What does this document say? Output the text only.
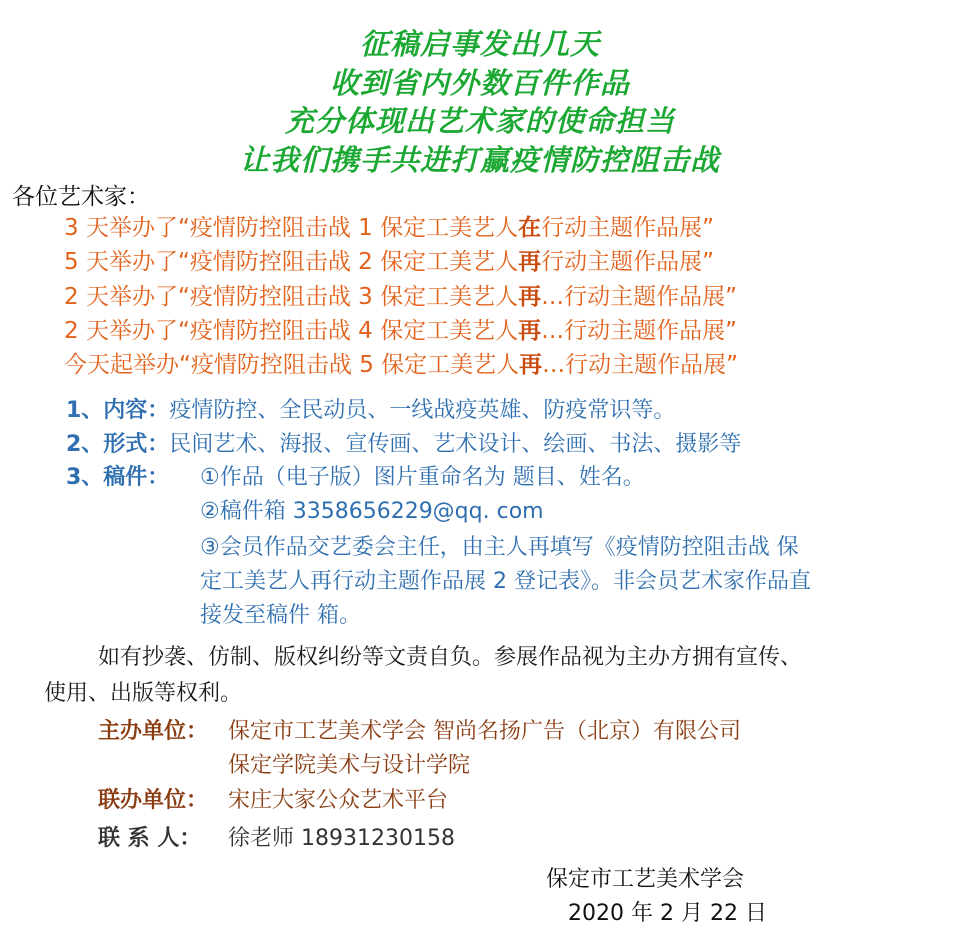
征稿启事发出几天
收到省内外数百件作品
充分体现出艺术家的使命担当
让我们携手共进打赢疫情防控阻击战
各位艺术家：
3 天举办了“疫情防控阻击战 1 保定工美艺人在行动主题作品展”
5 天举办了“疫情防控阻击战 2 保定工美艺人再行动主题作品展”
2 天举办了“疫情防控阻击战 3 保定工美艺人再…行动主题作品展”
2 天举办了“疫情防控阻击战 4 保定工美艺人再…行动主题作品展”
今天起举办“疫情防控阻击战 5 保定工美艺人再…行动主题作品展”
1、内容：疫情防控、全民动员、一线战疫英雄、防疫常识等。
2、形式：民间艺术、海报、宣传画、艺术设计、绘画、书法、摄影等
3、稿件： ①作品（电子版）图片重命名为 题目、姓名。
②稿件箱 3358656229@qq. com
③会员作品交艺委会主任，由主人再填写《疫情防控阻击战 保
定工美艺人再行动主题作品展 2 登记表》。非会员艺术家作品直
接发至稿件 箱。
如有抄袭、仿制、版权纠纷等文责自负。参展作品视为主办方拥有宣传、
使用、出版等权利。
主办单位： 保定市工艺美术学会 智尚名扬广告（北京）有限公司
保定学院美术与设计学院
联办单位： 宋庄大家公众艺术平台
联 系 人： 徐老师 18931230158
保定市工艺美术学会
2020 年 2 月 22 日
